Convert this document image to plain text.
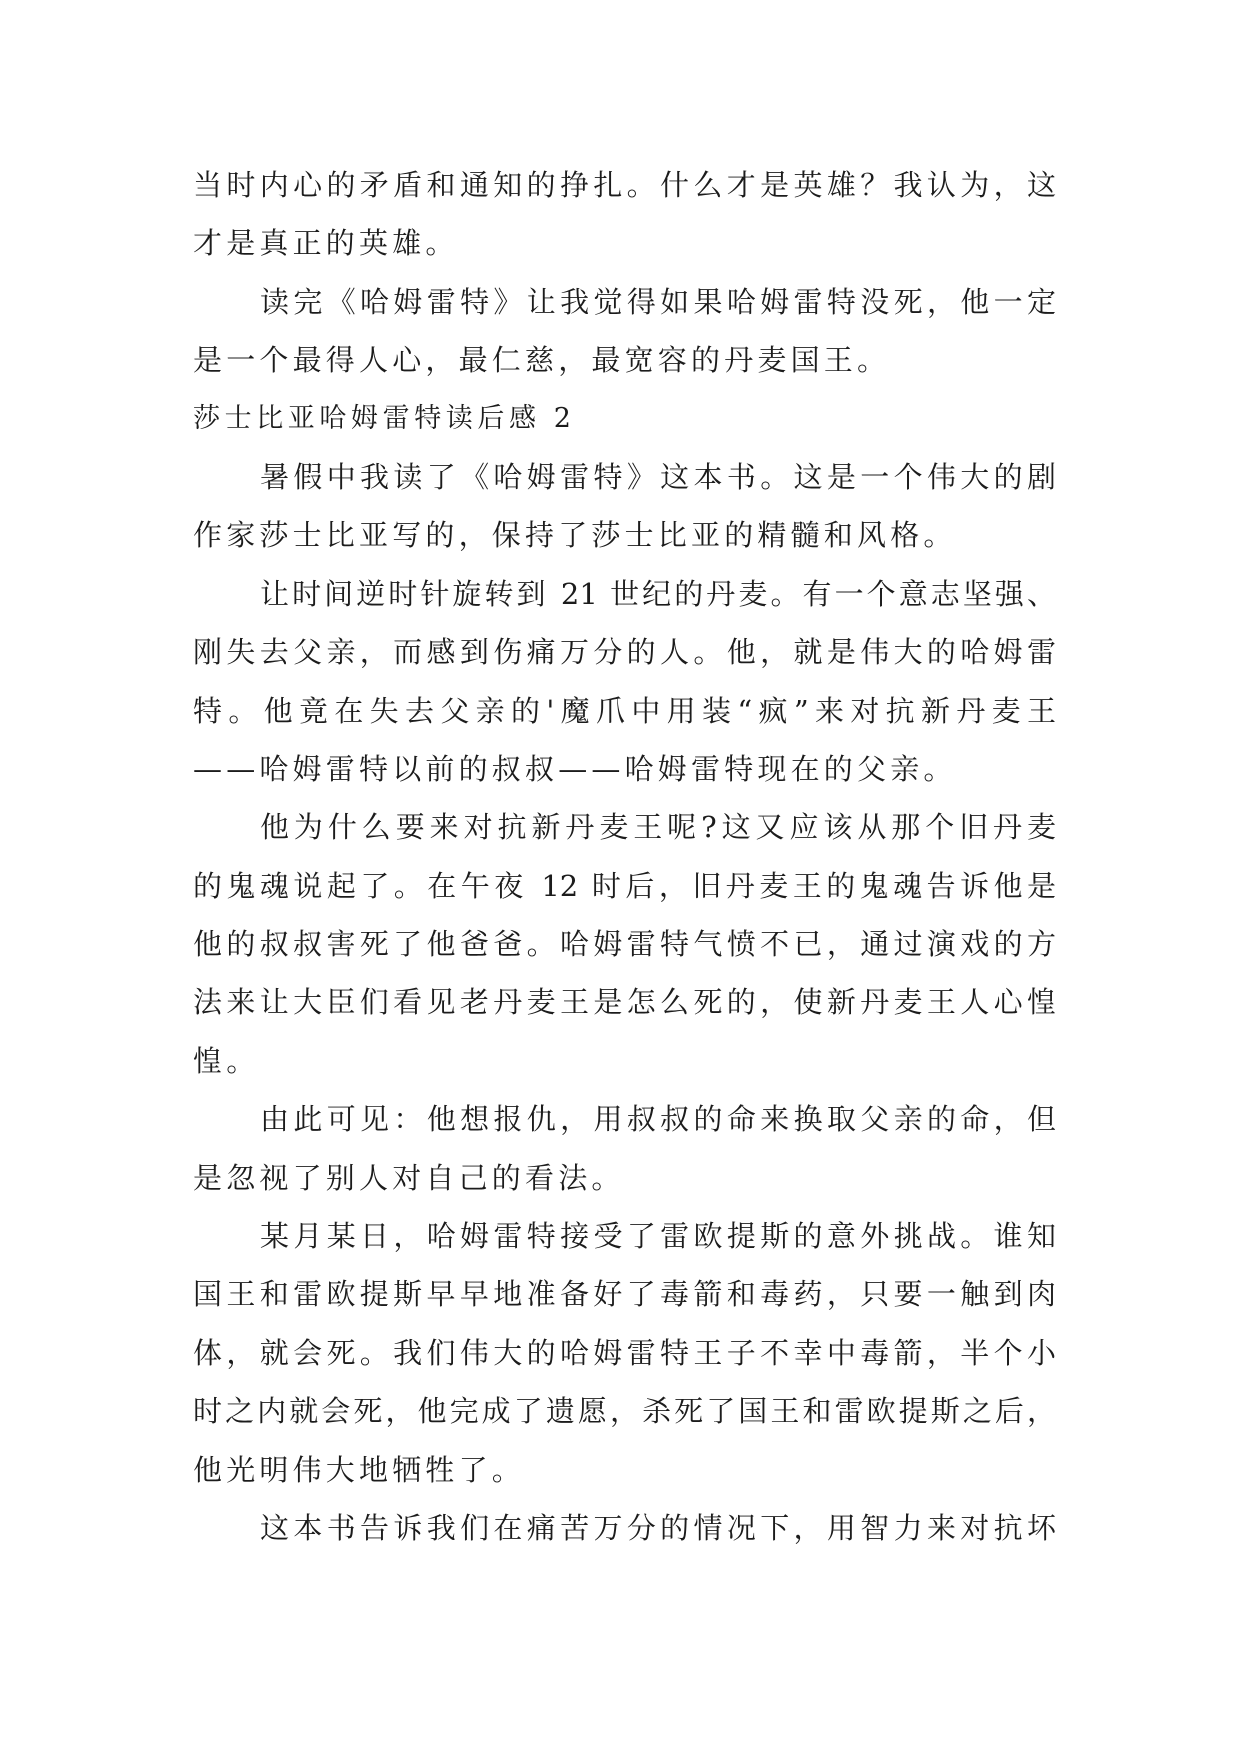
当时内心的矛盾和通知的挣扎。什么才是英雄？我认为，这
才是真正的英雄。
读完《哈姆雷特》让我觉得如果哈姆雷特没死，他一定
是一个最得人心，最仁慈，最宽容的丹麦国王。
莎士比亚哈姆雷特读后感 2
暑假中我读了《哈姆雷特》这本书。这是一个伟大的剧
作家莎士比亚写的，保持了莎士比亚的精髓和风格。
让时间逆时针旋转到 21 世纪的丹麦。有一个意志坚强、
刚失去父亲，而感到伤痛万分的人。他，就是伟大的哈姆雷
特。他竟在失去父亲的'魔爪中用装“疯”来对抗新丹麦王
——哈姆雷特以前的叔叔——哈姆雷特现在的父亲。
他为什么要来对抗新丹麦王呢?这又应该从那个旧丹麦
的鬼魂说起了。在午夜 12 时后，旧丹麦王的鬼魂告诉他是
他的叔叔害死了他爸爸。哈姆雷特气愤不已，通过演戏的方
法来让大臣们看见老丹麦王是怎么死的，使新丹麦王人心惶
惶。
由此可见：他想报仇，用叔叔的命来换取父亲的命，但
是忽视了别人对自己的看法。
某月某日，哈姆雷特接受了雷欧提斯的意外挑战。谁知
国王和雷欧提斯早早地准备好了毒箭和毒药，只要一触到肉
体，就会死。我们伟大的哈姆雷特王子不幸中毒箭，半个小
时之内就会死，他完成了遗愿，杀死了国王和雷欧提斯之后，
他光明伟大地牺牲了。
这本书告诉我们在痛苦万分的情况下，用智力来对抗坏
